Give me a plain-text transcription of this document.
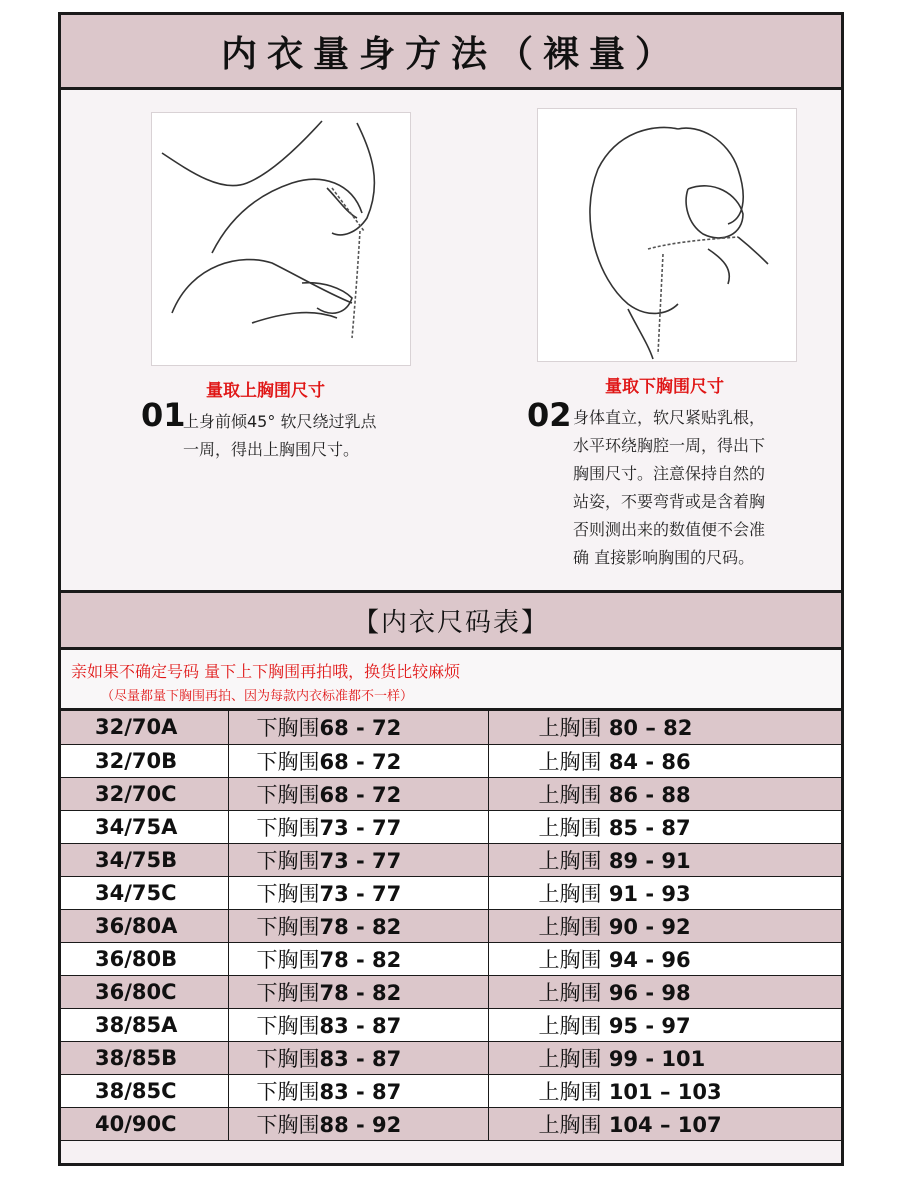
内衣量身方法（裸量）
量取上胸围尺寸
01
上身前倾45° 软尺绕过乳点
一周，得出上胸围尺寸。
量取下胸围尺寸
02 身体直立，软尺紧贴乳根，
水平环绕胸腔一周，得出下
胸围尺寸。注意保持自然的
站姿，不要弯背或是含着胸
否则测出来的数值便不会准
确 直接影响胸围的尺码。
【内衣尺码表】
亲如果不确定号码 量下上下胸围再拍哦，换货比较麻烦
（尽量都量下胸围再拍、因为每款内衣标准都不一样）
32/70A	下胸围68 - 72	上胸围 80 – 82
32/70B	下胸围68 - 72	上胸围 84 - 86
32/70C	下胸围68 - 72	上胸围 86 - 88
34/75A	下胸围73 - 77	上胸围 85 - 87
34/75B	下胸围73 - 77	上胸围 89 - 91
34/75C	下胸围73 - 77	上胸围 91 - 93
36/80A	下胸围78 - 82	上胸围 90 - 92
36/80B	下胸围78 - 82	上胸围 94 - 96
36/80C	下胸围78 - 82	上胸围 96 - 98
38/85A	下胸围83 - 87	上胸围 95 - 97
38/85B	下胸围83 - 87	上胸围 99 - 101
38/85C	下胸围83 - 87	上胸围 101 – 103
40/90C	下胸围88 - 92	上胸围 104 – 107
